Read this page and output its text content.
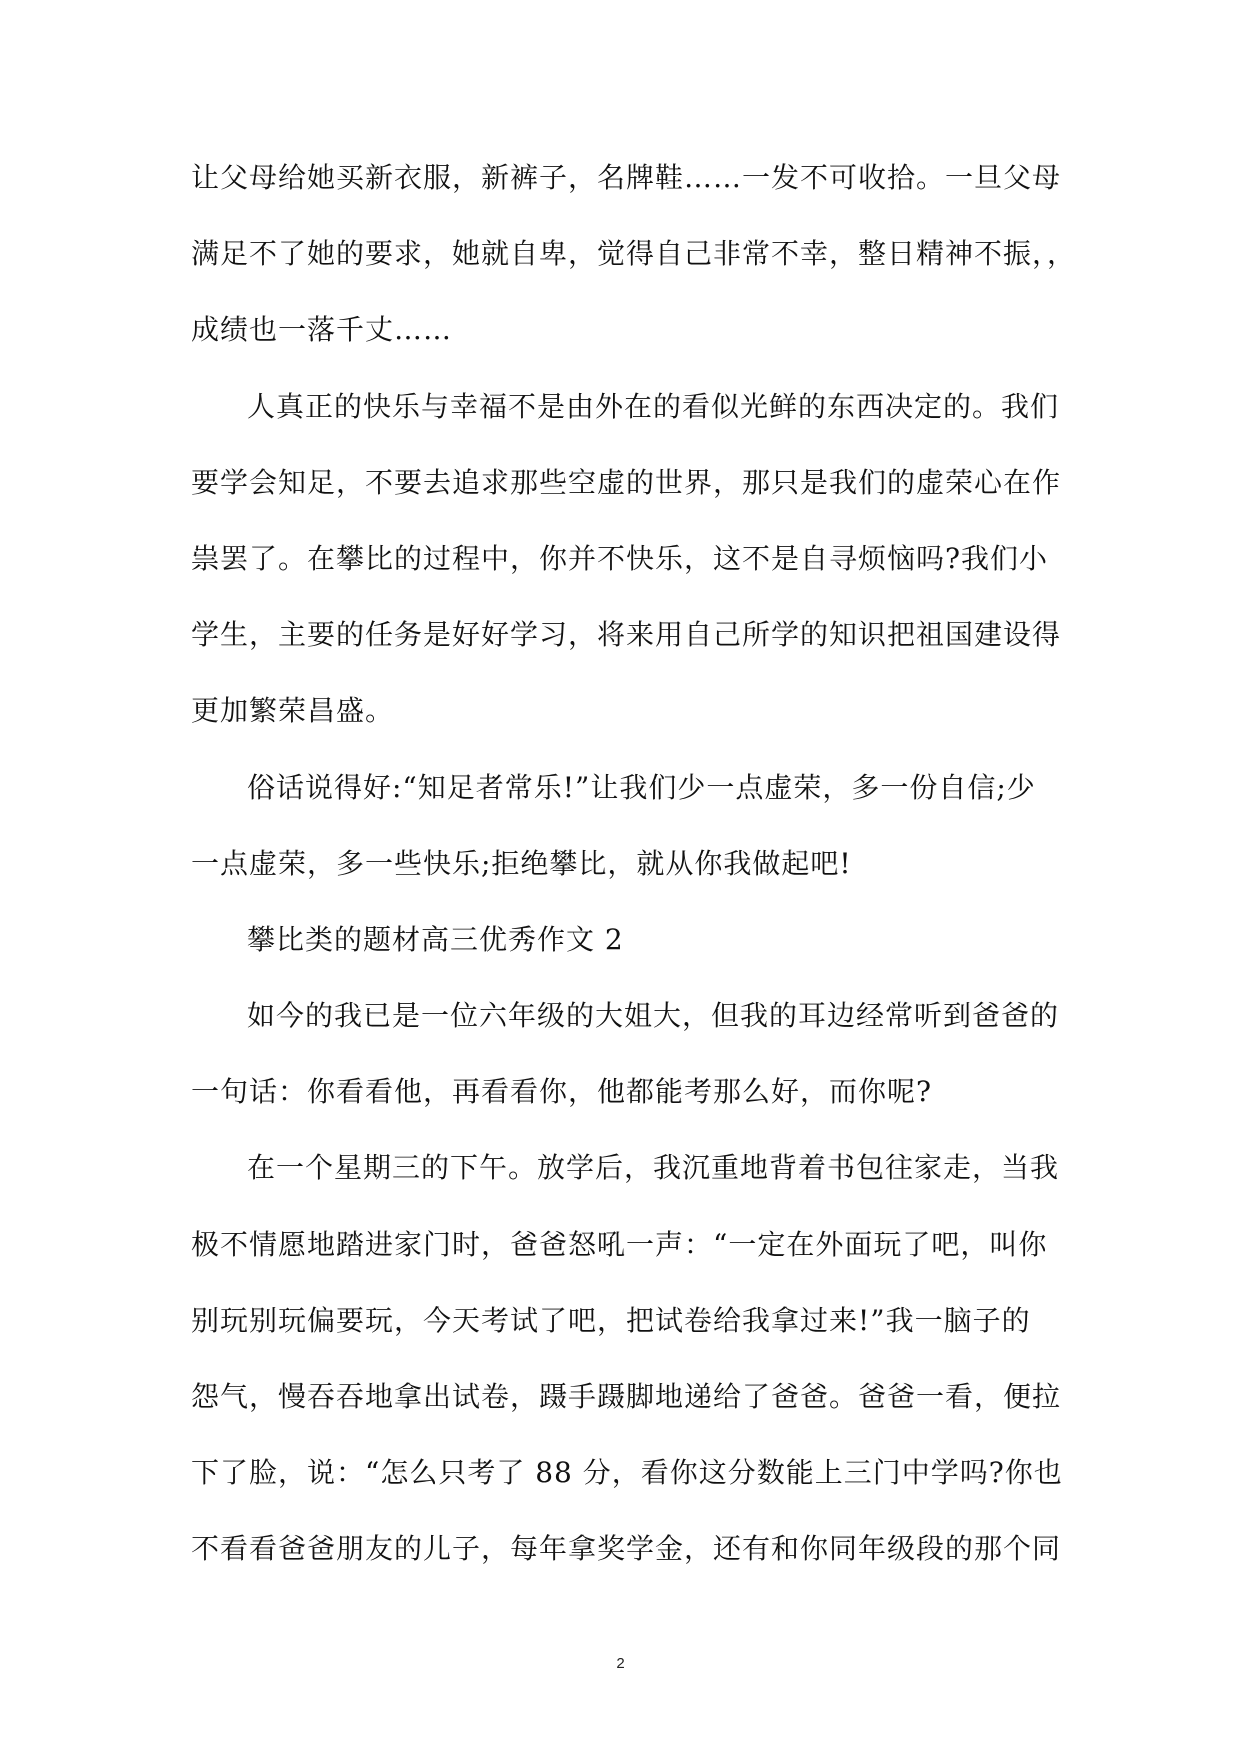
让父母给她买新衣服，新裤子，名牌鞋……一发不可收拾。一旦父母
满足不了她的要求，她就自卑，觉得自己非常不幸，整日精神不振，，
成绩也一落千丈……
人真正的快乐与幸福不是由外在的看似光鲜的东西决定的。我们
要学会知足，不要去追求那些空虚的世界，那只是我们的虚荣心在作
祟罢了。在攀比的过程中，你并不快乐，这不是自寻烦恼吗?我们小
学生，主要的任务是好好学习，将来用自己所学的知识把祖国建设得
更加繁荣昌盛。
俗话说得好:“知足者常乐!”让我们少一点虚荣，多一份自信;少
一点虚荣，多一些快乐;拒绝攀比，就从你我做起吧!
攀比类的题材高三优秀作文 2
如今的我已是一位六年级的大姐大，但我的耳边经常听到爸爸的
一句话：你看看他，再看看你，他都能考那么好，而你呢?
在一个星期三的下午。放学后，我沉重地背着书包往家走，当我
极不情愿地踏进家门时，爸爸怒吼一声：“一定在外面玩了吧，叫你
别玩别玩偏要玩，今天考试了吧，把试卷给我拿过来!”我一脑子的
怨气，慢吞吞地拿出试卷，蹑手蹑脚地递给了爸爸。爸爸一看，便拉
下了脸，说：“怎么只考了 88 分，看你这分数能上三门中学吗?你也
不看看爸爸朋友的儿子，每年拿奖学金，还有和你同年级段的那个同
2
